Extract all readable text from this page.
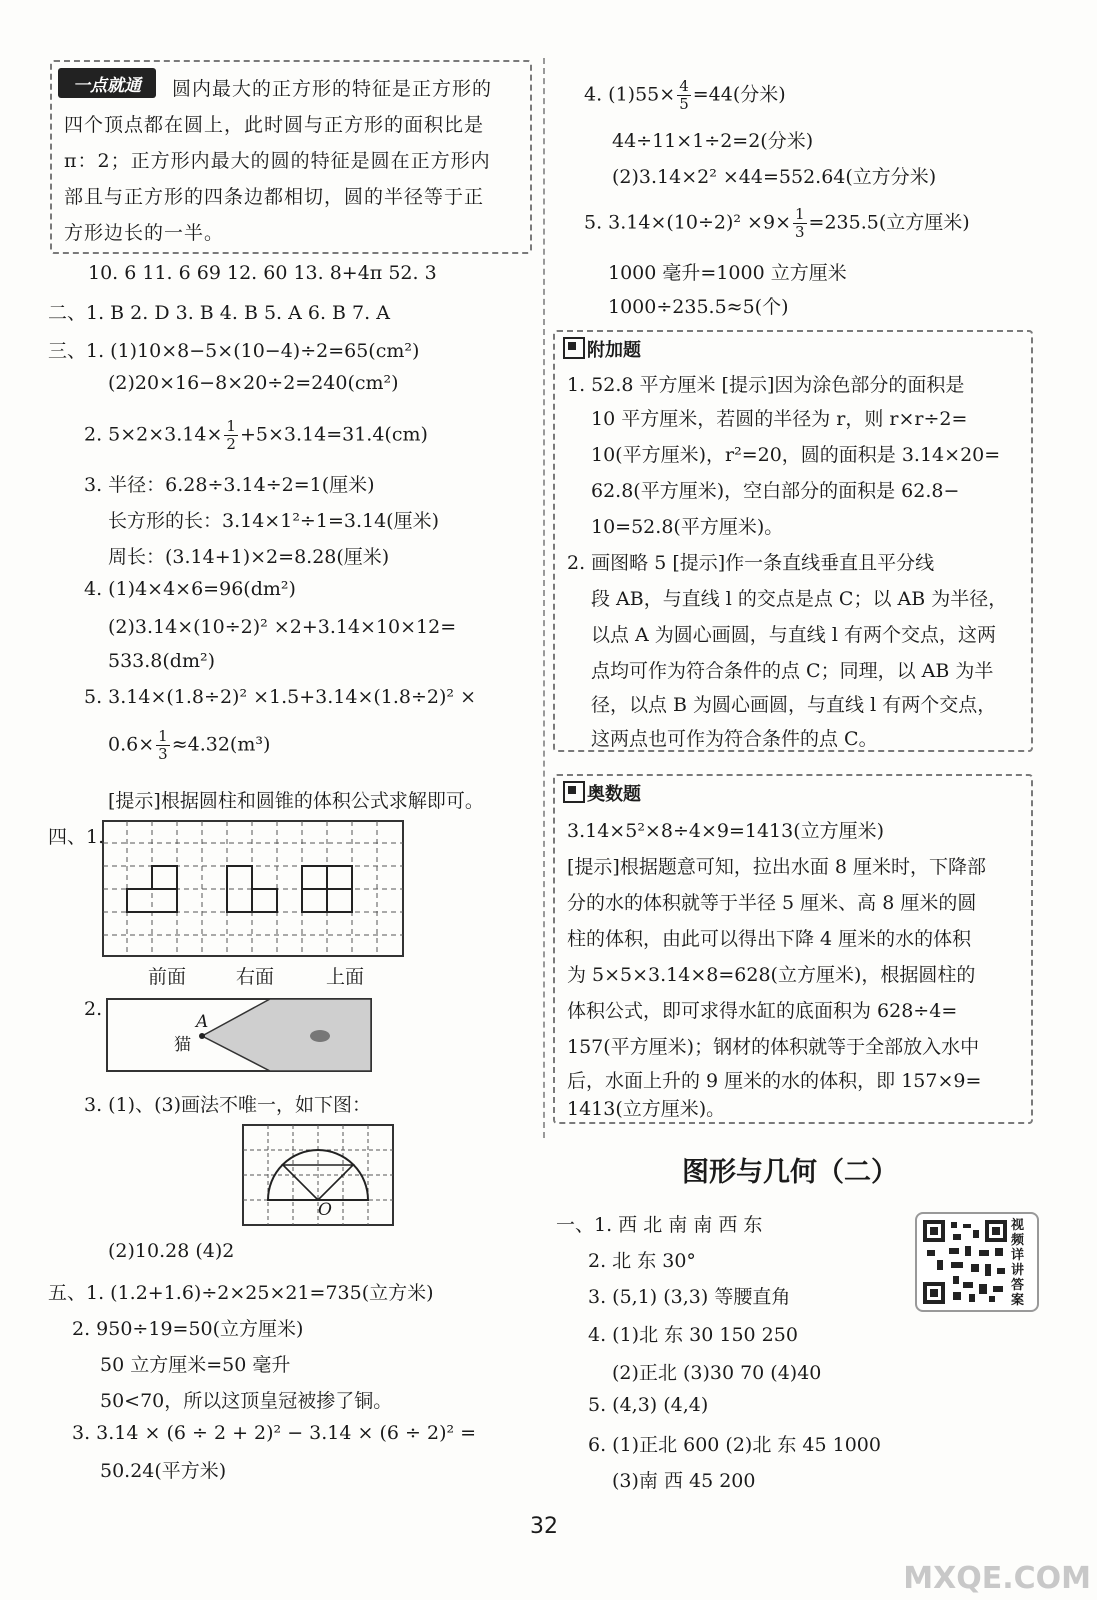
一点就通	圆内最大的正方形的特征是正方形的
四个顶点都在圆上，此时圆与正方形的面积比是
π：2；正方形内最大的圆的特征是圆在正方形内
部且与正方形的四条边都相切，圆的半径等于正
方形边长的一半。
10. 6 11. 6 69 12. 60 13. 8+4π 52. 3
二、1. B 2. D 3. B 4. B 5. A 6. B 7. A
三、1. (1)10×8−5×(10−4)÷2=65(cm²)
(2)20×16−8×20÷2=240(cm²)
2. $5\times 2\times 3.14\times \frac{1}{2} +5\times 3.14=31.4(cm)$
3. 半径：6.28÷3.14÷2=1(厘米)
长方形的长：3.14×1²÷1=3.14(厘米)
周长：(3.14+1)×2=8.28(厘米)
4. (1)4×4×6=96(dm²)
(2)3.14×(10÷2)² ×2+3.14×10×12=
533.8(dm²)
5. 3.14×(1.8÷2)² ×1.5+3.14×(1.8÷2)² ×
$0.6\times \frac{1}{3} \approx 4.32(m^3)$
[提示]根据圆柱和圆锥的体积公式求解即可。
四、1.
前面	右面	上面
2.
猫
A
3. (1)、(3)画法不唯一，如下图：
O
(2)10.28 (4)2
五、1. (1.2+1.6)÷2×25×21=735(立方米)
2. 950÷19=50(立方厘米)
50 立方厘米=50 毫升
50<70，所以这顶皇冠被掺了铜。
3. 3.14 × (6 ÷ 2 + 2)² − 3.14 × (6 ÷ 2)² =
50.24(平方米)
4. $(1)55\times \frac{4}{5} =44$(分米)
44÷11×1÷2=2(分米)
(2)3.14×2² ×44=552.64(立方分米)
5. $3.14\times(10\div 2)^2 \times 9\times \frac{1}{3} =235.5$(立方厘米)
1000 毫升=1000 立方厘米
1000÷235.5≈5(个)
附加题
1. 52.8 平方厘米 [提示]因为涂色部分的面积是
10 平方厘米，若圆的半径为 r，则 r×r÷2=
10(平方厘米)，r²=20，圆的面积是 3.14×20=
62.8(平方厘米)，空白部分的面积是 62.8−
10=52.8(平方厘米)。
2. 画图略 5 [提示]作一条直线垂直且平分线
段 AB，与直线 l 的交点是点 C；以 AB 为半径，
以点 A 为圆心画圆，与直线 l 有两个交点，这两
点均可作为符合条件的点 C；同理，以 AB 为半
径，以点 B 为圆心画圆，与直线 l 有两个交点，
这两点也可作为符合条件的点 C。
奥数题
3.14×5²×8÷4×9=1413(立方厘米)
[提示]根据题意可知，拉出水面 8 厘米时，下降部
分的水的体积就等于半径 5 厘米、高 8 厘米的圆
柱的体积，由此可以得出下降 4 厘米的水的体积
为 5×5×3.14×8=628(立方厘米)，根据圆柱的
体积公式，即可求得水缸的底面积为 628÷4=
157(平方厘米)；钢材的体积就等于全部放入水中
后，水面上升的 9 厘米的水的体积，即 157×9=
1413(立方厘米)。
图形与几何（二）
一、1. 西 北 南 南 西 东
2. 北 东 30°
3. (5,1) (3,3) 等腰直角
4. (1)北 东 30 150 250
(2)正北 (3)30 70 (4)40
5. (4,3) (4,4)
6. (1)正北 600 (2)北 东 45 1000
(3)南 西 45 200
视频详讲答案
32
MXQE.COM
